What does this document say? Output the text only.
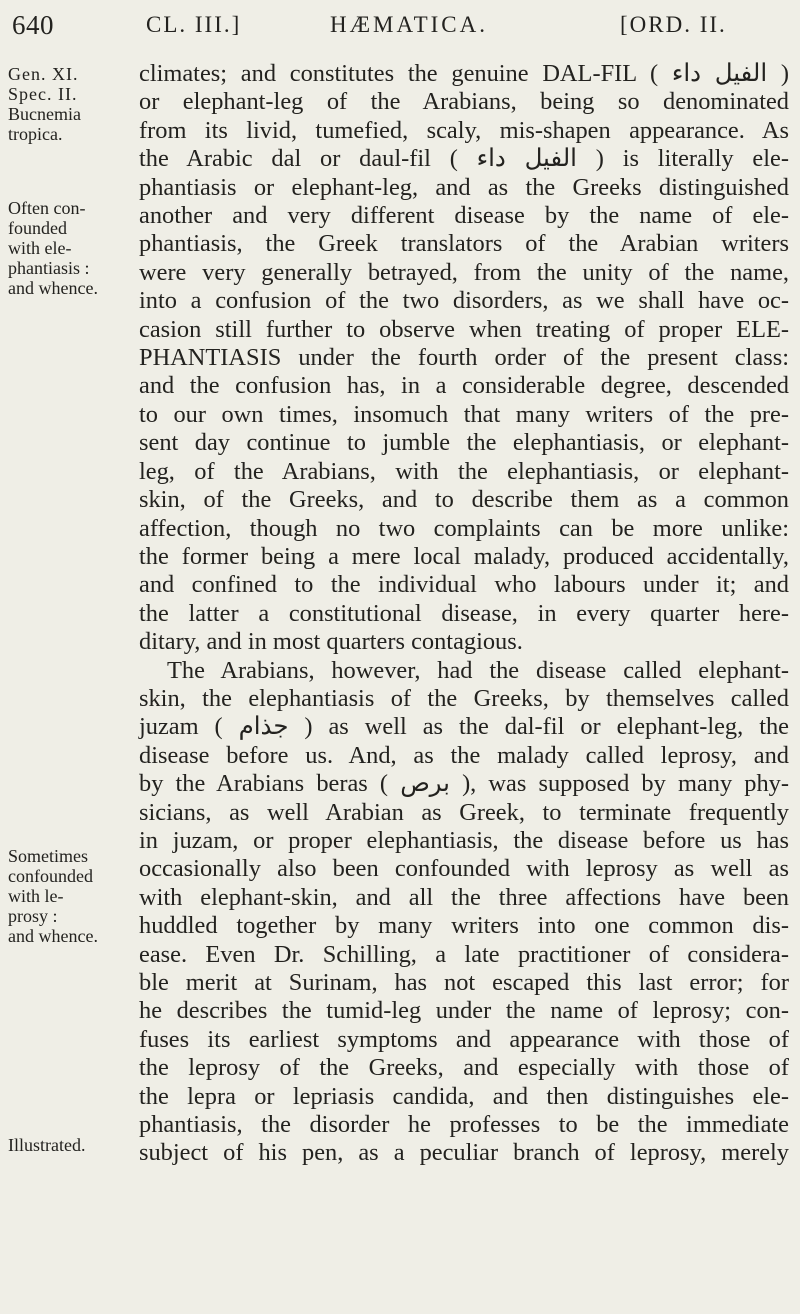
640	CL. III.]	HÆMATICA.	[ORD. II.
Gen. XI.
Spec. II.
Bucnemia
tropica.
Often con-
founded
with ele-
phantiasis :
and whence.
Sometimes
confounded
with le-
prosy :
and whence.
Illustrated.

climates; and constitutes the genuine DAL-FIL ( الفيل داء )
or elephant-leg of the Arabians, being so denominated
from its livid, tumefied, scaly, mis-shapen appearance. As
the Arabic dal or daul-fil ( الفيل داء ) is literally ele-
phantiasis or elephant-leg, and as the Greeks distinguished
another and very different disease by the name of ele-
phantiasis, the Greek translators of the Arabian writers
were very generally betrayed, from the unity of the name,
into a confusion of the two disorders, as we shall have oc-
casion still further to observe when treating of proper ELE-
PHANTIASIS under the fourth order of the present class:
and the confusion has, in a considerable degree, descended
to our own times, insomuch that many writers of the pre-
sent day continue to jumble the elephantiasis, or elephant-
leg, of the Arabians, with the elephantiasis, or elephant-
skin, of the Greeks, and to describe them as a common
affection, though no two complaints can be more unlike:
the former being a mere local malady, produced accidentally,
and confined to the individual who labours under it; and
the latter a constitutional disease, in every quarter here-
ditary, and in most quarters contagious.

The Arabians, however, had the disease called elephant-
skin, the elephantiasis of the Greeks, by themselves called
juzam ( جذام ) as well as the dal-fil or elephant-leg, the
disease before us. And, as the malady called leprosy, and
by the Arabians beras ( برص ), was supposed by many phy-
sicians, as well Arabian as Greek, to terminate frequently
in juzam, or proper elephantiasis, the disease before us has
occasionally also been confounded with leprosy as well as
with elephant-skin, and all the three affections have been
huddled together by many writers into one common dis-
ease. Even Dr. Schilling, a late practitioner of considera-
ble merit at Surinam, has not escaped this last error; for
he describes the tumid-leg under the name of leprosy; con-
fuses its earliest symptoms and appearance with those of
the leprosy of the Greeks, and especially with those of
the lepra or lepriasis candida, and then distinguishes ele-
phantiasis, the disorder he professes to be the immediate
subject of his pen, as a peculiar branch of leprosy, merely
